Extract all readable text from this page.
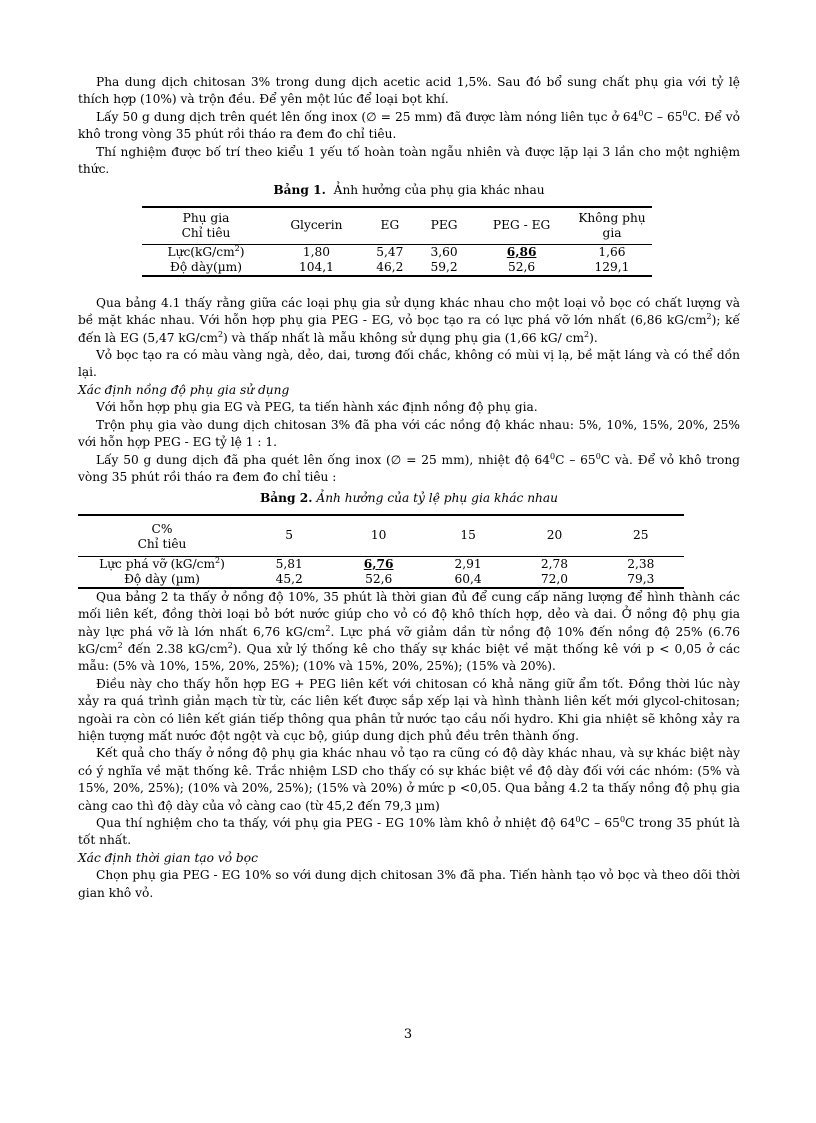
Pha dung dịch chitosan 3% trong dung dịch acetic acid 1,5%. Sau đó bổ sung chất phụ gia với tỷ lệ thích hợp (10%) và trộn đều. Để yên một lúc để loại bọt khí.

Lấy 50 g dung dịch trên quét lên ống inox (∅ = 25 mm) đã được làm nóng liên tục ở $64^0C - 65^0C$. Để vỏ khô trong vòng 35 phút rồi tháo ra đem đo chỉ tiêu.

Thí nghiệm được bố trí theo kiểu 1 yếu tố hoàn toàn ngẫu nhiên và được lặp lại 3 lần cho một nghiệm thức.

Bảng 1. Ảnh hưởng của phụ gia khác nhau
Phụ gia
Chỉ tiêu	Glycerin	EG	PEG	PEG - EG	Không phụ gia
$Lực(kG/cm^2)$	1,80	5,47	3,60	6,86	1,66
Độ dày(µm)	104,1	46,2	59,2	52,6	129,1

Qua bảng 4.1 thấy rằng giữa các loại phụ gia sử dụng khác nhau cho một loại vỏ bọc có chất lượng và bề mặt khác nhau. Với hỗn hợp phụ gia PEG - EG, vỏ bọc tạo ra có lực phá vỡ lớn nhất (6,86 $kG/cm^2$); kế đến là EG (5,47 $kG/cm^2$) và thấp nhất là mẫu không sử dụng phụ gia (1,66 kG/ $cm^2$).

Vỏ bọc tạo ra có màu vàng ngà, dẻo, dai, tương đối chắc, không có mùi vị lạ, bề mặt láng và có thể dồn lại.

Xác định nồng độ phụ gia sử dụng

Với hỗn hợp phụ gia EG và PEG, ta tiến hành xác định nồng độ phụ gia.

Trộn phụ gia vào dung dịch chitosan 3% đã pha với các nồng độ khác nhau: 5%, 10%, 15%, 20%, 25% với hỗn hợp PEG - EG tỷ lệ 1 : 1.

Lấy 50 g dung dịch đã pha quét lên ống inox (∅ = 25 mm), nhiệt độ $64^0C - 65^0C$ và. Để vỏ khô trong vòng 35 phút rồi tháo ra đem đo chỉ tiêu :

Bảng 2. Ảnh hưởng của tỷ lệ phụ gia khác nhau
C%
Chỉ tiêu	5	10	15	20	25
Lực phá vỡ $(kG/cm^2)$	5,81	6,76	2,91	2,78	2,38
Độ dày (µm)	45,2	52,6	60,4	72,0	79,3

Qua bảng 2 ta thấy ở nồng độ 10%, 35 phút là thời gian đủ để cung cấp năng lượng để hình thành các mối liên kết, đồng thời loại bỏ bớt nước giúp cho vỏ có độ khô thích hợp, dẻo và dai. Ở nồng độ phụ gia này lực phá vỡ là lớn nhất 6,76 $kG/cm^2$. Lực phá vỡ giảm dần từ nồng độ 10% đến nồng độ 25% (6.76 $kG/cm^2$ đến 2.38 $kG/cm^2$). Qua xử lý thống kê cho thấy sự khác biệt về mặt thống kê với p < 0,05 ở các mẫu: (5% và 10%, 15%, 20%, 25%); (10% và 15%, 20%, 25%); (15% và 20%).

Điều này cho thấy hỗn hợp EG + PEG liên kết với chitosan có khả năng giữ ẩm tốt. Đồng thời lúc này xảy ra quá trình giản mạch từ từ, các liên kết được sắp xếp lại và hình thành liên kết mới glycol-chitosan; ngoài ra còn có liên kết gián tiếp thông qua phân tử nước tạo cầu nối hydro. Khi gia nhiệt sẽ không xảy ra hiện tượng mất nước đột ngột và cục bộ, giúp dung dịch phủ đều trên thành ống.

Kết quả cho thấy ở nồng độ phụ gia khác nhau vỏ tạo ra cũng có độ dày khác nhau, và sự khác biệt này có ý nghĩa về mặt thống kê. Trắc nhiệm LSD cho thấy có sự khác biệt về độ dày đối với các nhóm: (5% và 15%, 20%, 25%); (10% và 20%, 25%); (15% và 20%) ở mức p <0,05. Qua bảng 4.2 ta thấy nồng độ phụ gia càng cao thì độ dày của vỏ càng cao (từ 45,2 đến 79,3 µm)

Qua thí nghiệm cho ta thấy, với phụ gia PEG - EG 10% làm khô ở nhiệt độ $64^0C - 65^0C$ trong 35 phút là tốt nhất.

Xác định thời gian tạo vỏ bọc

Chọn phụ gia PEG - EG 10% so với dung dịch chitosan 3% đã pha. Tiến hành tạo vỏ bọc và theo dõi thời gian khô vỏ.

3
